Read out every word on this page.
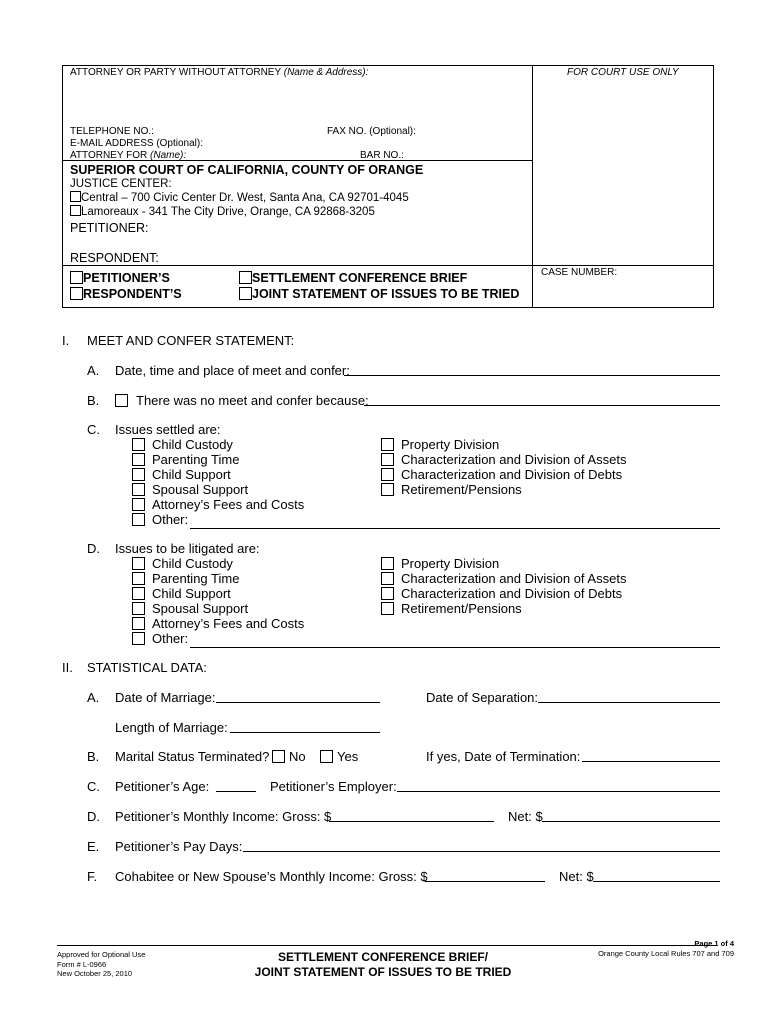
ATTORNEY OR PARTY WITHOUT ATTORNEY (Name & Address):	FOR COURT USE ONLY
TELEPHONE NO.:	FAX NO. (Optional):
E-MAIL ADDRESS (Optional):
ATTORNEY FOR (Name):	BAR NO.:
SUPERIOR COURT OF CALIFORNIA, COUNTY OF ORANGE
JUSTICE CENTER:
Central – 700 Civic Center Dr. West, Santa Ana, CA 92701-4045
Lamoreaux - 341 The City Drive, Orange, CA 92868-3205
PETITIONER:
RESPONDENT:
PETITIONER’S
RESPONDENT’S
SETTLEMENT CONFERENCE BRIEF
JOINT STATEMENT OF ISSUES TO BE TRIED
CASE NUMBER:
I. MEET AND CONFER STATEMENT:
A. Date, time and place of meet and confer:
B.	There was no meet and confer because:
C. Issues settled are:
Child Custody
Parenting Time
Child Support
Spousal Support
Attorney’s Fees and Costs
Other:
Property Division
Characterization and Division of Assets
Characterization and Division of Debts
Retirement/Pensions
D. Issues to be litigated are:
Child Custody
Parenting Time
Child Support
Spousal Support
Attorney’s Fees and Costs
Other:
Property Division
Characterization and Division of Assets
Characterization and Division of Debts
Retirement/Pensions
II. STATISTICAL DATA:
A. Date of Marriage:	Date of Separation:
Length of Marriage:
B. Marital Status Terminated?	No	Yes	If yes, Date of Termination:
C. Petitioner’s Age:	Petitioner’s Employer:
D. Petitioner’s Monthly Income: Gross: $	Net: $
E. Petitioner’s Pay Days:
F. Cohabitee or New Spouse’s Monthly Income: Gross: $	Net: $
Approved for Optional Use
Form # L-0966
New October 25, 2010
SETTLEMENT CONFERENCE BRIEF/
JOINT STATEMENT OF ISSUES TO BE TRIED
Page 1 of 4
Orange County Local Rules 707 and 709
